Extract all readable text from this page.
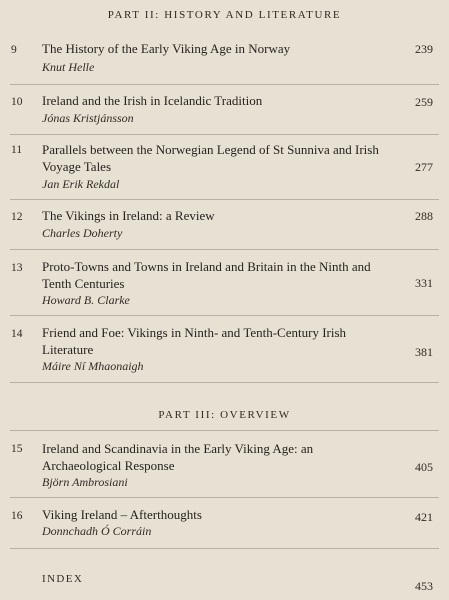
PART II: HISTORY AND LITERATURE
9 The History of the Early Viking Age in Norway
Knut Helle
239
10 Ireland and the Irish in Icelandic Tradition
Jónas Kristjánsson
259
11 Parallels between the Norwegian Legend of St Sunniva and Irish Voyage Tales
Jan Erik Rekdal
277
12 The Vikings in Ireland: a Review
Charles Doherty
288
13 Proto-Towns and Towns in Ireland and Britain in the Ninth and Tenth Centuries
Howard B. Clarke
331
14 Friend and Foe: Vikings in Ninth- and Tenth-Century Irish Literature
Máire Ní Mhaonaigh
381
PART III: OVERVIEW
15 Ireland and Scandinavia in the Early Viking Age: an Archaeological Response
Björn Ambrosiani
405
16 Viking Ireland – Afterthoughts
Donnchadh Ó Corráin
421
INDEX	453
